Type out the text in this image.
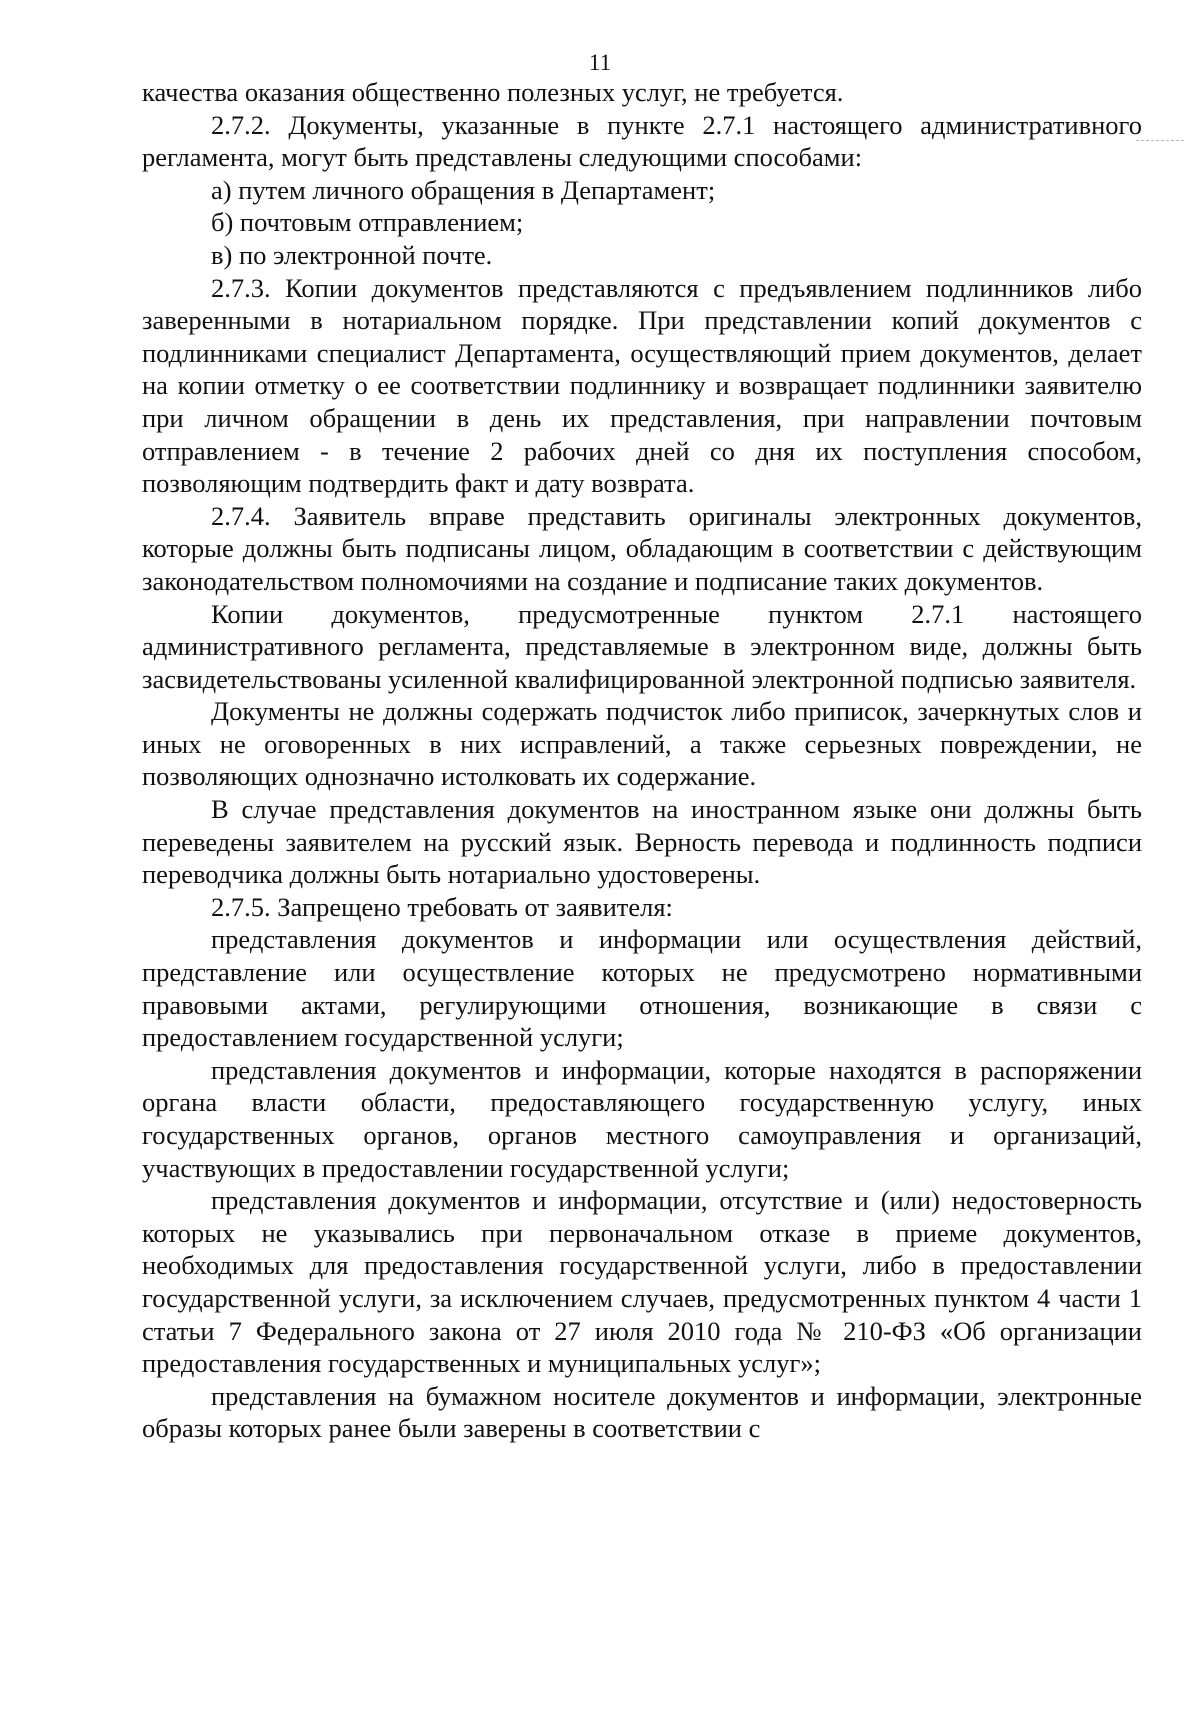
11

качества оказания общественно полезных услуг, не требуется.

2.7.2. Документы, указанные в пункте 2.7.1 настоящего административного регламента, могут быть представлены следующими способами:

а) путем личного обращения в Департамент;

б) почтовым отправлением;

в) по электронной почте.

2.7.3. Копии документов представляются с предъявлением подлинников либо заверенными в нотариальном порядке. При представлении копий документов с подлинниками специалист Департамента, осуществляющий прием документов, делает на копии отметку о ее соответствии подлиннику и возвращает подлинники заявителю при личном обращении в день их представления, при направлении почтовым отправлением - в течение 2 рабочих дней со дня их поступления способом, позволяющим подтвердить факт и дату возврата.

2.7.4. Заявитель вправе представить оригиналы электронных документов, которые должны быть подписаны лицом, обладающим в соответствии с действующим законодательством полномочиями на создание и подписание таких документов.

Копии документов, предусмотренные пунктом 2.7.1 настоящего административного регламента, представляемые в электронном виде, должны быть засвидетельствованы усиленной квалифицированной электронной подписью заявителя.

Документы не должны содержать подчисток либо приписок, зачеркнутых слов и иных не оговоренных в них исправлений, а также серьезных повреждении, не позволяющих однозначно истолковать их содержание.

В случае представления документов на иностранном языке они должны быть переведены заявителем на русский язык. Верность перевода и подлинность подписи переводчика должны быть нотариально удостоверены.

2.7.5. Запрещено требовать от заявителя:

представления документов и информации или осуществления действий, представление или осуществление которых не предусмотрено нормативными правовыми актами, регулирующими отношения, возникающие в связи с предоставлением государственной услуги;

представления документов и информации, которые находятся в распоряжении органа власти области, предоставляющего государственную услугу, иных государственных органов, органов местного самоуправления и организаций, участвующих в предоставлении государственной услуги;

представления документов и информации, отсутствие и (или) недостоверность которых не указывались при первоначальном отказе в приеме документов, необходимых для предоставления государственной услуги, либо в предоставлении государственной услуги, за исключением случаев, предусмотренных пунктом 4 части 1 статьи 7 Федерального закона от 27 июля 2010 года № 210-ФЗ «Об организации предоставления государственных и муниципальных услуг»;

представления на бумажном носителе документов и информации, электронные образы которых ранее были заверены в соответствии с
